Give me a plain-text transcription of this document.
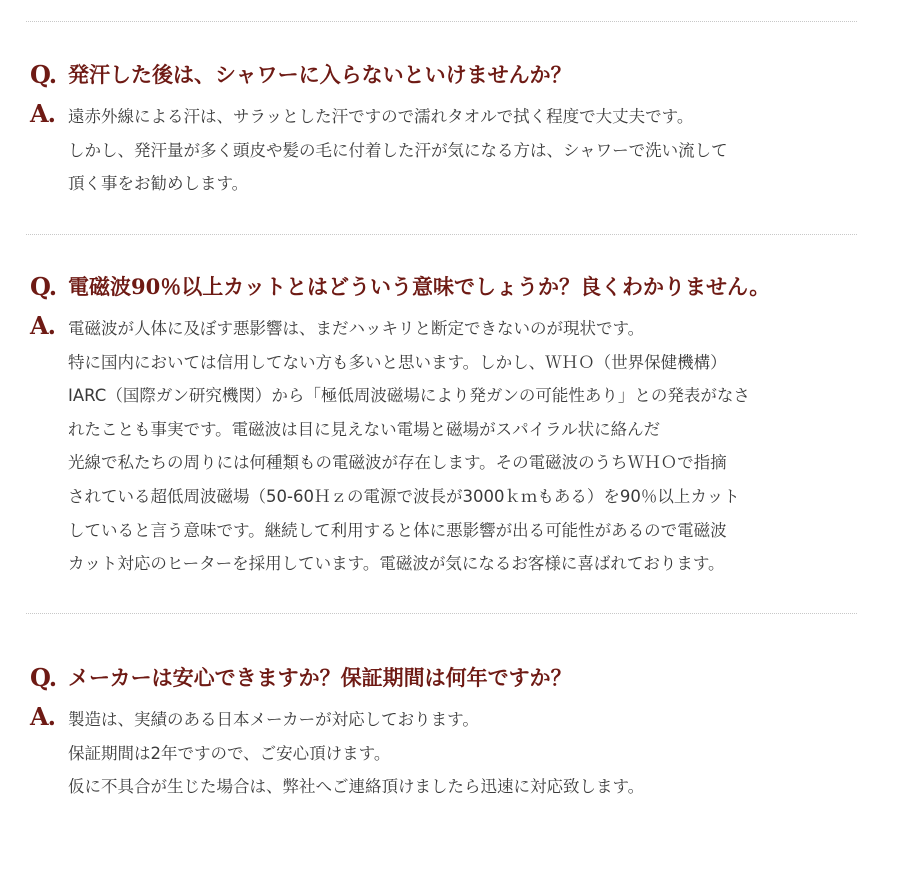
Q. 発汗した後は、シャワーに入らないといけませんか？
A. 遠赤外線による汗は、サラッとした汗ですので濡れタオルで拭く程度で大丈夫です。
しかし、発汗量が多く頭皮や髪の毛に付着した汗が気になる方は、シャワーで洗い流して
頂く事をお勧めします。
Q. 電磁波90％以上カットとはどういう意味でしょうか？良くわかりません。
A. 電磁波が人体に及ぼす悪影響は、まだハッキリと断定できないのが現状です。
特に国内においては信用してない方も多いと思います。しかし、ＷＨＯ（世界保健機構）
IARC（国際ガン研究機関）から「極低周波磁場により発ガンの可能性あり」との発表がなさ
れたことも事実です。電磁波は目に見えない電場と磁場がスパイラル状に絡んだ
光線で私たちの周りには何種類もの電磁波が存在します。その電磁波のうちＷＨＯで指摘
されている超低周波磁場（50-60Ｈｚの電源で波長が3000ｋｍもある）を90％以上カット
していると言う意味です。継続して利用すると体に悪影響が出る可能性があるので電磁波
カット対応のヒーターを採用しています。電磁波が気になるお客様に喜ばれております。
Q. メーカーは安心できますか？保証期間は何年ですか？
A. 製造は、実績のある日本メーカーが対応しております。
保証期間は2年ですので、ご安心頂けます。
仮に不具合が生じた場合は、弊社へご連絡頂けましたら迅速に対応致します。
